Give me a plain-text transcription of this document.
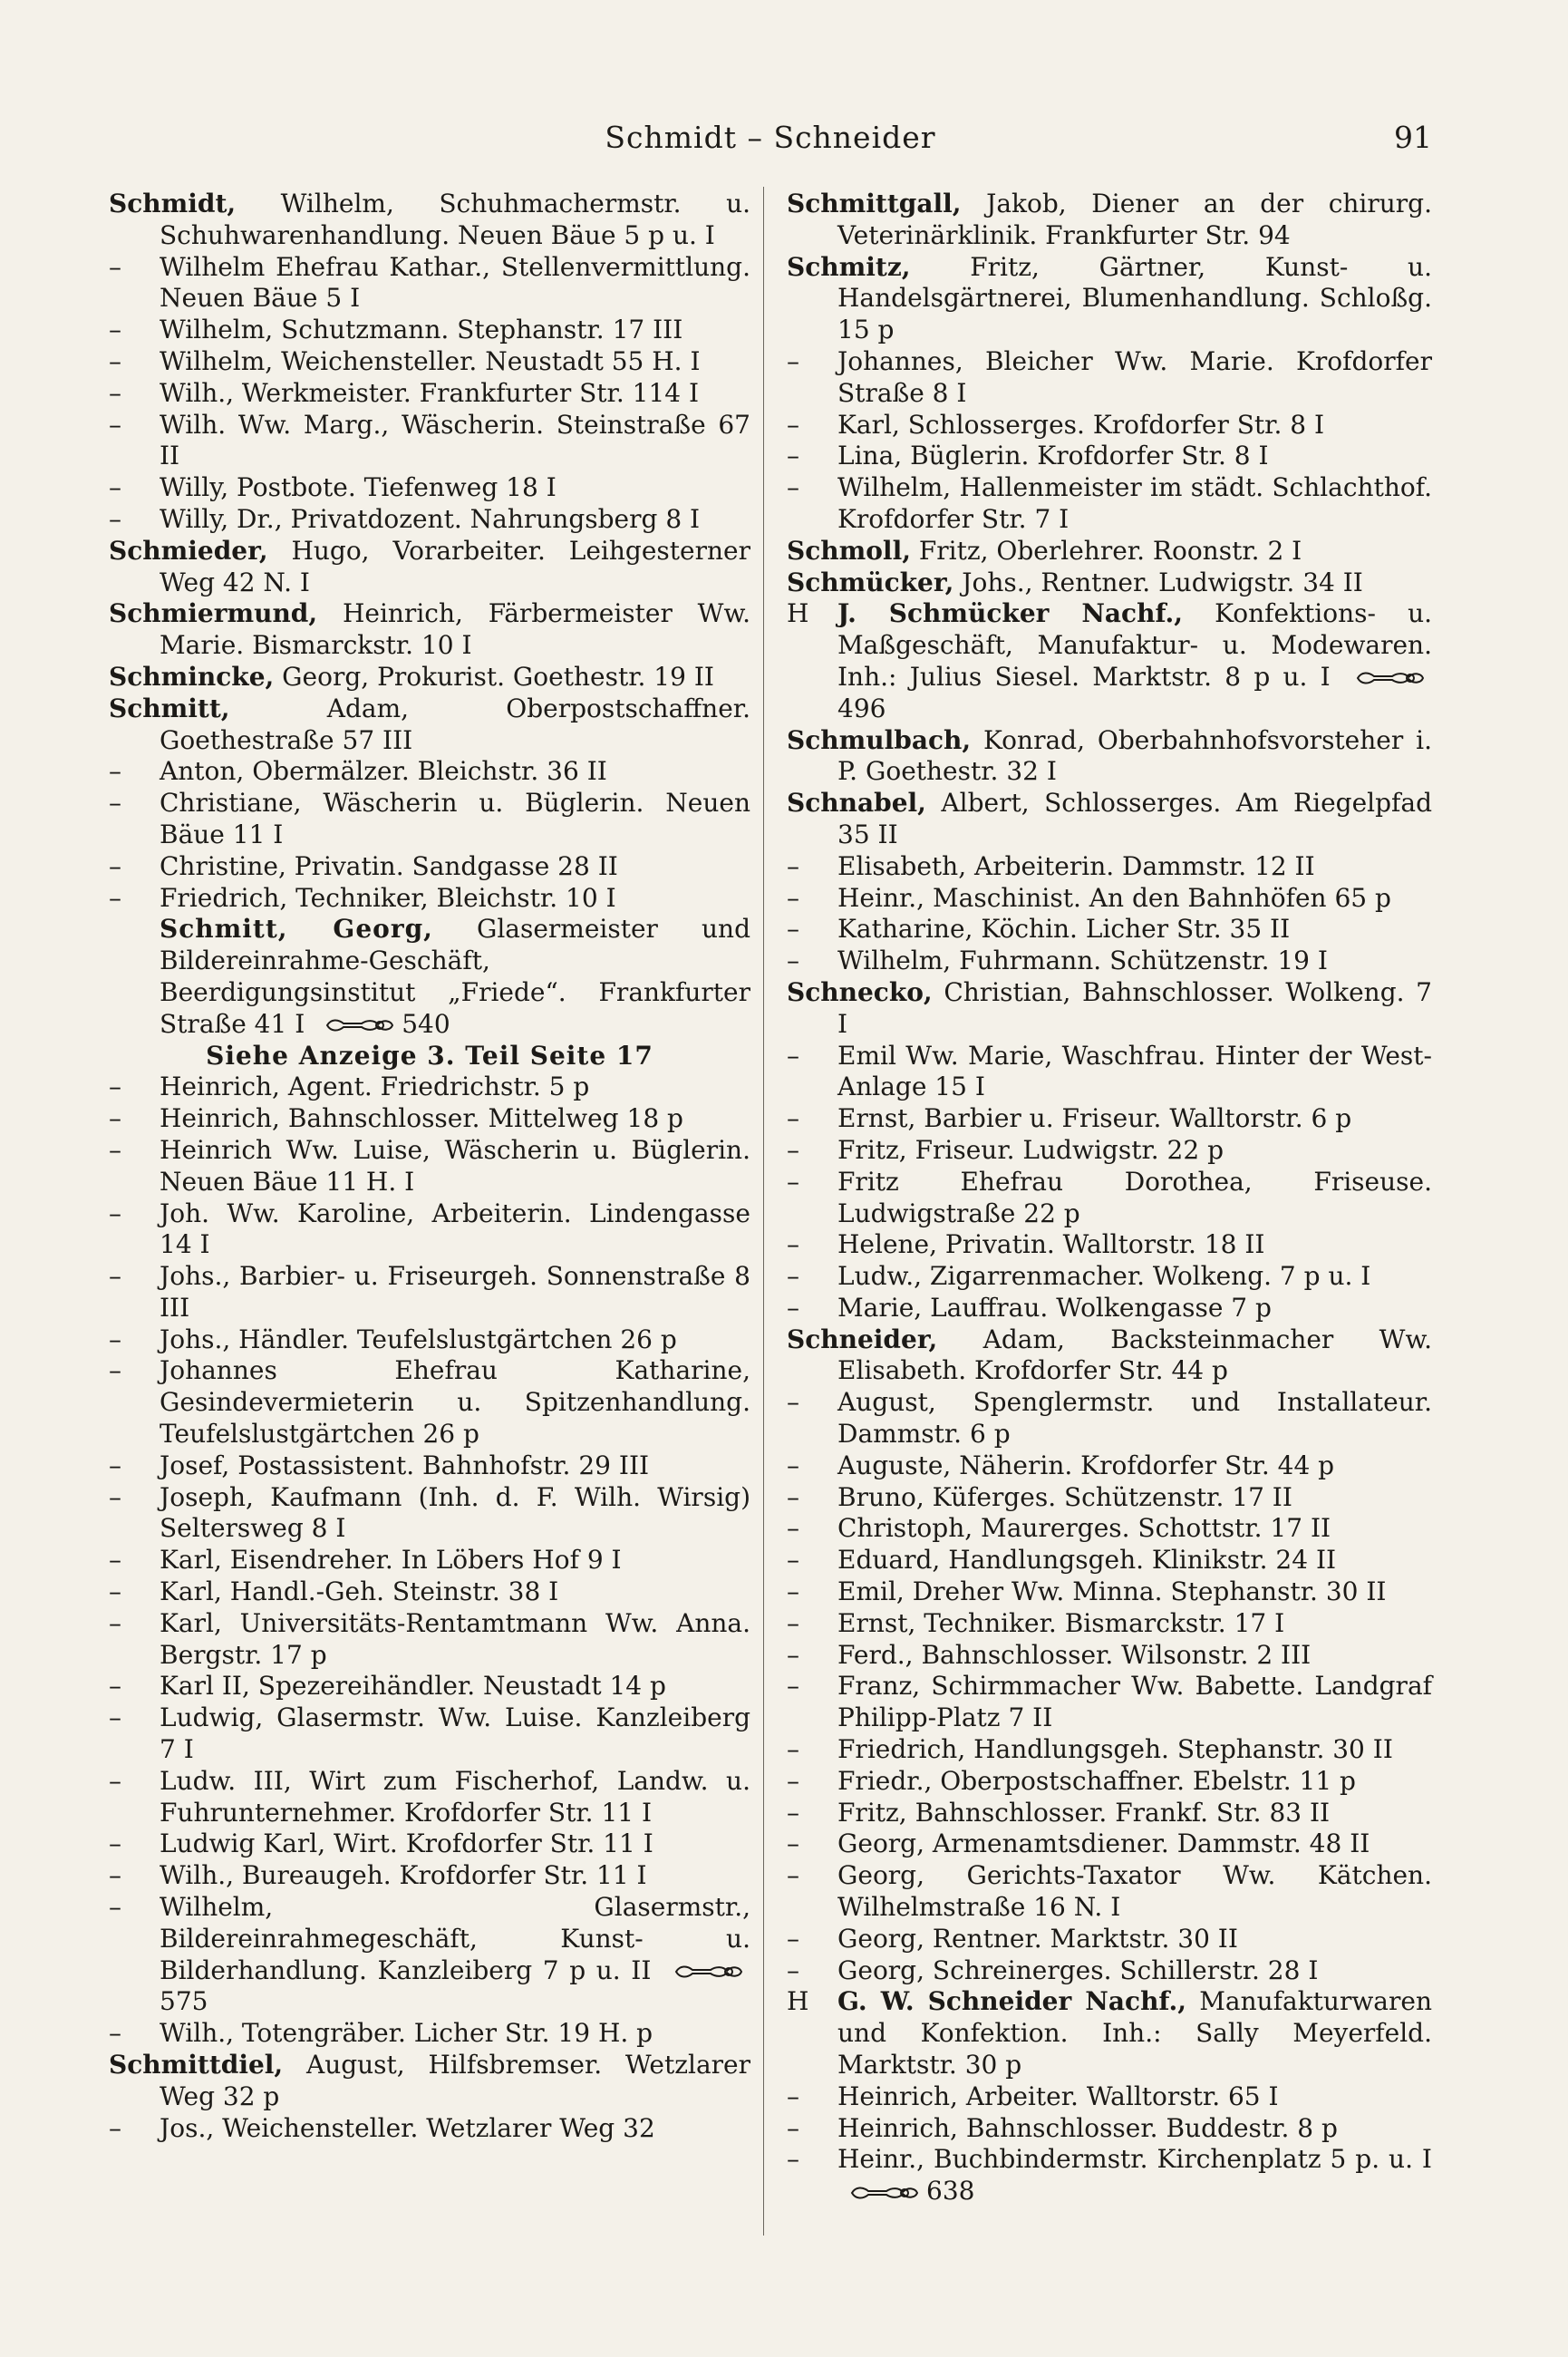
Schmidt – Schneider	91

Schmidt, Wilhelm, Schuhmachermstr. u. Schuhwarenhandlung. Neuen Bäue 5 p u. I

– Wilhelm Ehefrau Kathar., Stellenvermittlung. Neuen Bäue 5 I

– Wilhelm, Schutzmann. Stephanstr. 17 III

– Wilhelm, Weichensteller. Neustadt 55 H. I

– Wilh., Werkmeister. Frankfurter Str. 114 I

– Wilh. Ww. Marg., Wäscherin. Steinstraße 67 II

– Willy, Postbote. Tiefenweg 18 I

– Willy, Dr., Privatdozent. Nahrungsberg 8 I

Schmieder, Hugo, Vorarbeiter. Leihgesterner Weg 42 N. I

Schmiermund, Heinrich, Färbermeister Ww. Marie. Bismarckstr. 10 I

Schmincke, Georg, Prokurist. Goethestr. 19 II

Schmitt,	Adam, Oberpostschaffner. Goethestraße 57 III

– Anton, Obermälzer. Bleichstr. 36 II

– Christiane, Wäscherin u. Büglerin. Neuen Bäue 11 I

– Christine, Privatin. Sandgasse 28 II

– Friedrich, Techniker, Bleichstr. 10 I

Schmitt, Georg, Glasermeister und Bildereinrahme-Geschäft, Beerdigungsinstitut „Friede“. Frankfurter Straße 41 I	540

Siehe Anzeige 3. Teil Seite 17

– Heinrich, Agent. Friedrichstr. 5 p

– Heinrich, Bahnschlosser. Mittelweg 18 p

– Heinrich Ww. Luise, Wäscherin u. Büglerin. Neuen Bäue 11 H. I

– Joh. Ww. Karoline, Arbeiterin. Lindengasse 14 I

– Johs., Barbier- u. Friseurgeh. Sonnenstraße 8 III

– Johs., Händler. Teufelslustgärtchen 26 p

– Johannes Ehefrau Katharine, Gesindevermieterin u. Spitzenhandlung. Teufelslustgärtchen 26 p

– Josef, Postassistent. Bahnhofstr. 29 III

– Joseph, Kaufmann (Inh. d. F. Wilh. Wirsig) Seltersweg 8 I

– Karl, Eisendreher. In Löbers Hof 9 I

– Karl, Handl.-Geh. Steinstr. 38 I

– Karl, Universitäts-Rentamtmann Ww. Anna. Bergstr. 17 p

– Karl II, Spezereihändler. Neustadt 14 p

– Ludwig, Glasermstr. Ww. Luise. Kanzleiberg 7 I

– Ludw. III, Wirt zum Fischerhof, Landw. u. Fuhrunternehmer. Krofdorfer Str. 11 I

– Ludwig Karl, Wirt. Krofdorfer Str. 11 I

– Wilh., Bureaugeh. Krofdorfer Str. 11 I

– Wilhelm, Glasermstr., Bildereinrahmegeschäft, Kunst- u. Bilderhandlung. Kanzleiberg 7 p u. II 575

– Wilh., Totengräber. Licher Str. 19 H. p

Schmittdiel, August, Hilfsbremser. Wetzlarer Weg 32 p

– Jos., Weichensteller. Wetzlarer Weg 32

Schmittgall, Jakob, Diener an der chirurg. Veterinärklinik. Frankfurter Str. 94

Schmitz, Fritz, Gärtner, Kunst- u. Handelsgärtnerei, Blumenhandlung. Schloßg. 15 p

– Johannes, Bleicher Ww. Marie. Krofdorfer Straße 8 I

– Karl, Schlosserges. Krofdorfer Str. 8 I

– Lina, Büglerin. Krofdorfer Str. 8 I

– Wilhelm, Hallenmeister im städt. Schlachthof. Krofdorfer Str. 7 I

Schmoll, Fritz, Oberlehrer. Roonstr. 2 I

Schmücker, Johs., Rentner. Ludwigstr. 34 II

H J. Schmücker Nachf., Konfektions- u. Maßgeschäft, Manufaktur- u. Modewaren. Inh.: Julius Siesel. Marktstr. 8 p u. I 496

Schmulbach, Konrad, Oberbahnhofsvorsteher i. P. Goethestr. 32 I

Schnabel, Albert, Schlosserges. Am Riegelpfad 35 II

– Elisabeth, Arbeiterin. Dammstr. 12 II

– Heinr., Maschinist. An den Bahnhöfen 65 p

– Katharine, Köchin. Licher Str. 35 II

– Wilhelm, Fuhrmann. Schützenstr. 19 I

Schnecko, Christian, Bahnschlosser. Wolkeng. 7 I

– Emil Ww. Marie, Waschfrau. Hinter der West-Anlage 15 I

– Ernst, Barbier u. Friseur. Walltorstr. 6 p

– Fritz, Friseur. Ludwigstr. 22 p

– Fritz Ehefrau Dorothea, Friseuse. Ludwigstraße 22 p

– Helene, Privatin. Walltorstr. 18 II

– Ludw., Zigarrenmacher. Wolkeng. 7 p u. I

– Marie, Lauffrau. Wolkengasse 7 p

Schneider, Adam, Backsteinmacher Ww. Elisabeth. Krofdorfer Str. 44 p

– August, Spenglermstr. und Installateur. Dammstr. 6 p

– Auguste, Näherin. Krofdorfer Str. 44 p

– Bruno, Küferges. Schützenstr. 17 II

– Christoph, Maurerges. Schottstr. 17 II

– Eduard, Handlungsgeh. Klinikstr. 24 II

– Emil, Dreher Ww. Minna. Stephanstr. 30 II

– Ernst, Techniker. Bismarckstr. 17 I

– Ferd., Bahnschlosser. Wilsonstr. 2 III

– Franz, Schirmmacher Ww. Babette. Landgraf Philipp-Platz 7 II

– Friedrich, Handlungsgeh. Stephanstr. 30 II

– Friedr., Oberpostschaffner. Ebelstr. 11 p

– Fritz, Bahnschlosser. Frankf. Str. 83 II

– Georg, Armenamtsdiener. Dammstr. 48 II

– Georg, Gerichts-Taxator Ww. Kätchen. Wilhelmstraße 16 N. I

– Georg, Rentner. Marktstr. 30 II

– Georg, Schreinerges. Schillerstr. 28 I

H G. W. Schneider Nachf., Manufakturwaren und Konfektion. Inh.: Sally Meyerfeld. Marktstr. 30 p

– Heinrich, Arbeiter. Walltorstr. 65 I

– Heinrich, Bahnschlosser. Buddestr. 8 p

– Heinr., Buchbindermstr. Kirchenplatz 5 p. u. I 638
